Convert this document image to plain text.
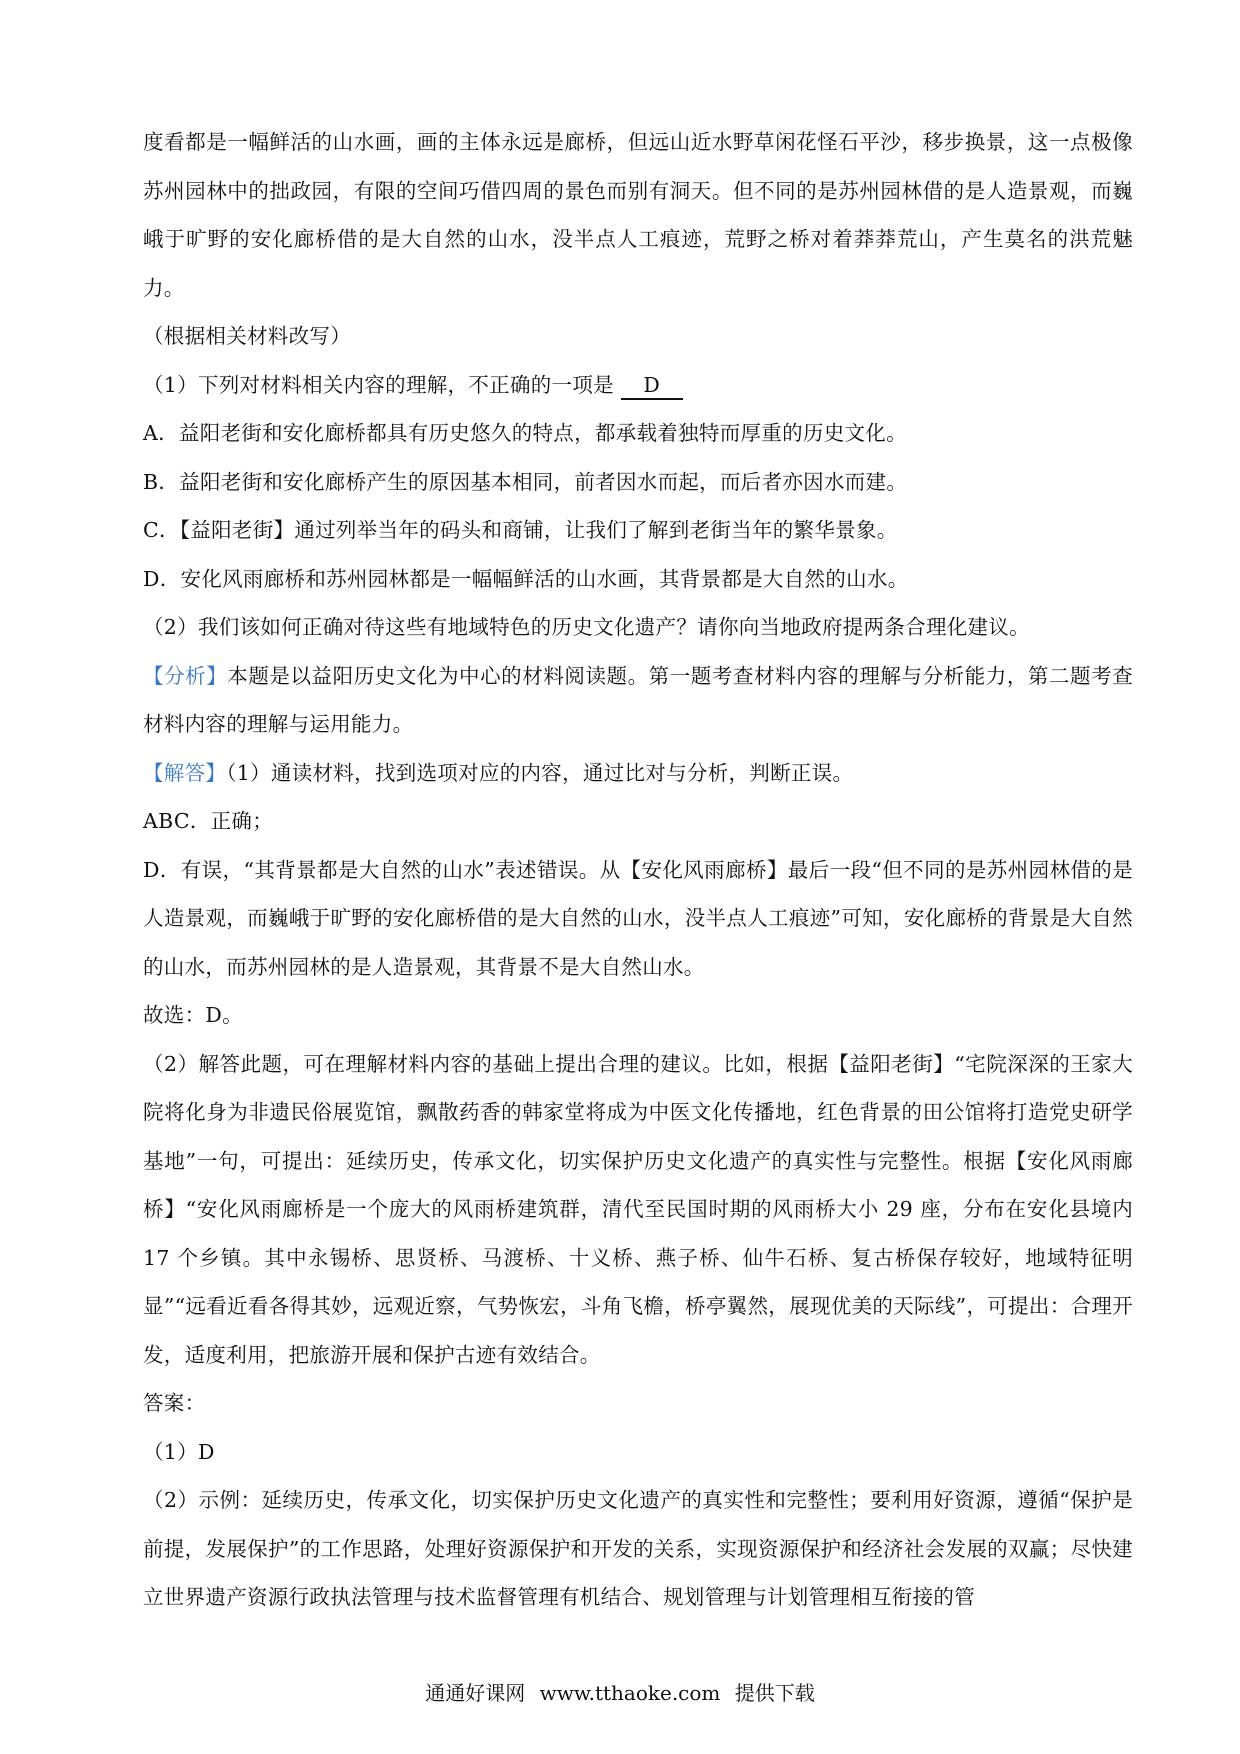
度看都是一幅鲜活的山水画，画的主体永远是廊桥，但远山近水野草闲花怪石平沙，移步换景，这一点极像苏州园林中的拙政园，有限的空间巧借四周的景色而别有洞天。但不同的是苏州园林借的是人造景观，而巍峨于旷野的安化廊桥借的是大自然的山水，没半点人工痕迹，荒野之桥对着莽莽荒山，产生莫名的洪荒魅力。

（根据相关材料改写）

（1）下列对材料相关内容的理解，不正确的一项是 D

A．益阳老街和安化廊桥都具有历史悠久的特点，都承载着独特而厚重的历史文化。

B．益阳老街和安化廊桥产生的原因基本相同，前者因水而起，而后者亦因水而建。

C．【益阳老街】通过列举当年的码头和商铺，让我们了解到老街当年的繁华景象。

D．安化风雨廊桥和苏州园林都是一幅幅鲜活的山水画，其背景都是大自然的山水。

（2）我们该如何正确对待这些有地域特色的历史文化遗产？请你向当地政府提两条合理化建议。

【分析】本题是以益阳历史文化为中心的材料阅读题。第一题考查材料内容的理解与分析能力，第二题考查材料内容的理解与运用能力。

【解答】（1）通读材料，找到选项对应的内容，通过比对与分析，判断正误。

ABC．正确；

D．有误，“其背景都是大自然的山水”表述错误。从【安化风雨廊桥】最后一段“但不同的是苏州园林借的是人造景观，而巍峨于旷野的安化廊桥借的是大自然的山水，没半点人工痕迹”可知，安化廊桥的背景是大自然的山水，而苏州园林的是人造景观，其背景不是大自然山水。

故选：D。

（2）解答此题，可在理解材料内容的基础上提出合理的建议。比如，根据【益阳老街】“宅院深深的王家大院将化身为非遗民俗展览馆，飘散药香的韩家堂将成为中医文化传播地，红色背景的田公馆将打造党史研学基地”一句，可提出：延续历史，传承文化，切实保护历史文化遗产的真实性与完整性。根据【安化风雨廊桥】“安化风雨廊桥是一个庞大的风雨桥建筑群，清代至民国时期的风雨桥大小 29 座，分布在安化县境内 17 个乡镇。其中永锡桥、思贤桥、马渡桥、十义桥、燕子桥、仙牛石桥、复古桥保存较好，地域特征明显”“远看近看各得其妙，远观近察，气势恢宏，斗角飞檐，桥亭翼然，展现优美的天际线”，可提出：合理开发，适度利用，把旅游开展和保护古迹有效结合。

答案：

（1）D

（2）示例：延续历史，传承文化，切实保护历史文化遗产的真实性和完整性；要利用好资源，遵循“保护是前提，发展保护”的工作思路，处理好资源保护和开发的关系，实现资源保护和经济社会发展的双赢；尽快建立世界遗产资源行政执法管理与技术监督管理有机结合、规划管理与计划管理相互衔接的管

通通好课网 www.tthaoke.com 提供下载
